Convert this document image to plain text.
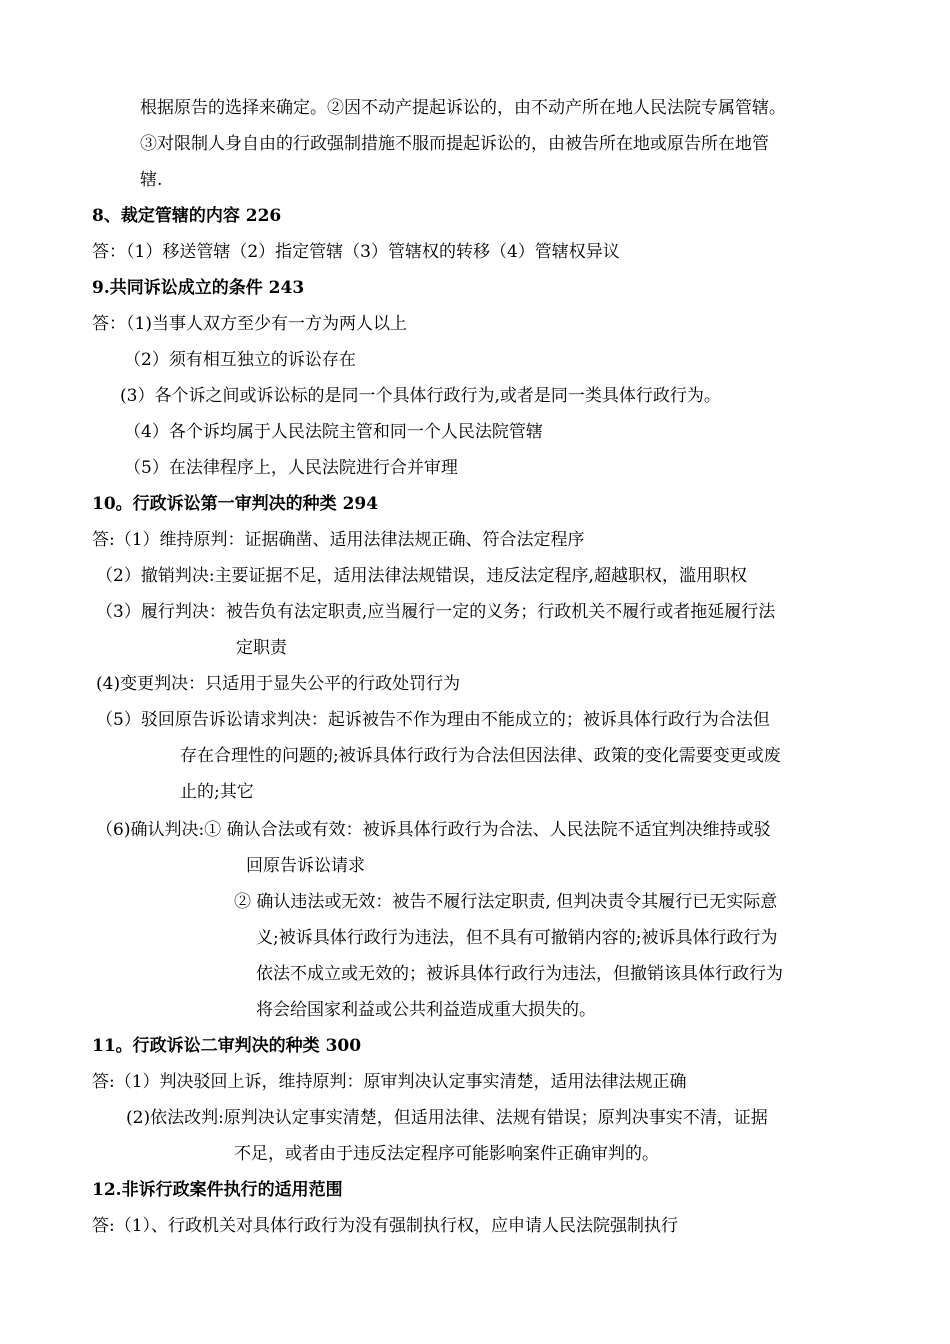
根据原告的选择来确定。②因不动产提起诉讼的，由不动产所在地人民法院专属管辖。
③对限制人身自由的行政强制措施不服而提起诉讼的，由被告所在地或原告所在地管
辖.
8、裁定管辖的内容 226
答：（1）移送管辖（2）指定管辖（3）管辖权的转移（4）管辖权异议
9.共同诉讼成立的条件 243
答：（1)当事人双方至少有一方为两人以上
（2）须有相互独立的诉讼存在
(3）各个诉之间或诉讼标的是同一个具体行政行为,或者是同一类具体行政行为。
（4）各个诉均属于人民法院主管和同一个人民法院管辖
（5）在法律程序上，人民法院进行合并审理
10。行政诉讼第一审判决的种类 294
答:（1）维持原判：证据确凿、适用法律法规正确、符合法定程序
（2）撤销判决:主要证据不足，适用法律法规错误，违反法定程序,超越职权，滥用职权
（3）履行判决：被告负有法定职责,应当履行一定的义务；行政机关不履行或者拖延履行法
定职责
(4)变更判决：只适用于显失公平的行政处罚行为
（5）驳回原告诉讼请求判决：起诉被告不作为理由不能成立的；被诉具体行政行为合法但
存在合理性的问题的;被诉具体行政行为合法但因法律、政策的变化需要变更或废
止的;其它
（6)确认判决:① 确认合法或有效：被诉具体行政行为合法、人民法院不适宜判决维持或驳
回原告诉讼请求
② 确认违法或无效：被告不履行法定职责, 但判决责令其履行已无实际意
义;被诉具体行政行为违法，但不具有可撤销内容的;被诉具体行政行为
依法不成立或无效的；被诉具体行政行为违法，但撤销该具体行政行为
将会给国家利益或公共利益造成重大损失的。
11。行政诉讼二审判决的种类 300
答:（1）判决驳回上诉，维持原判：原审判决认定事实清楚，适用法律法规正确
(2)依法改判:原判决认定事实清楚，但适用法律、法规有错误；原判决事实不清，证据
不足，或者由于违反法定程序可能影响案件正确审判的。
12.非诉行政案件执行的适用范围
答:（1）、行政机关对具体行政行为没有强制执行权，应申请人民法院强制执行
